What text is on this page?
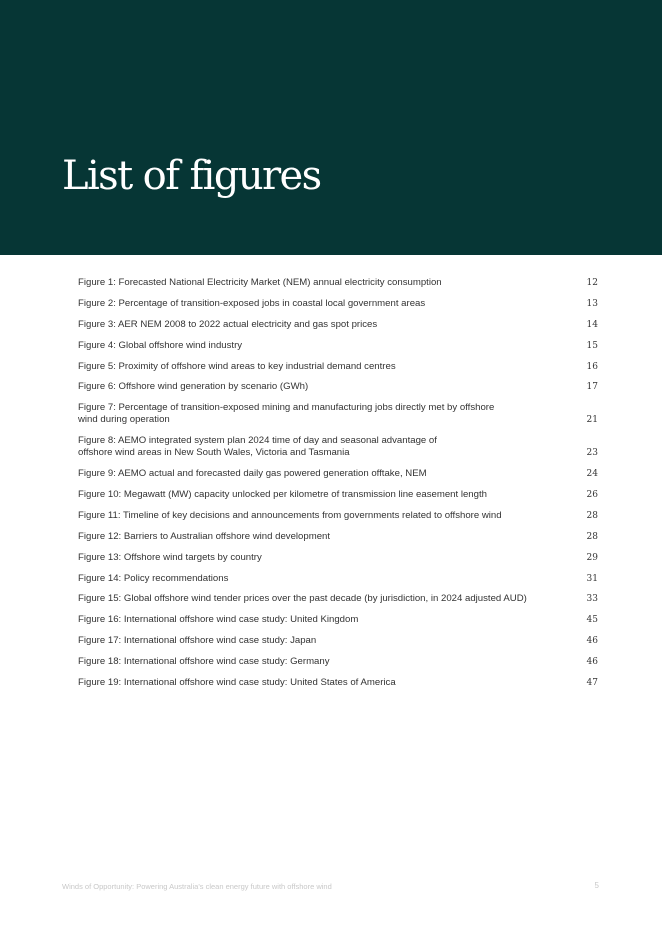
List of figures
Figure 1: Forecasted National Electricity Market (NEM) annual electricity consumption	12
Figure 2: Percentage of transition-exposed jobs in coastal local government areas	13
Figure 3: AER NEM 2008 to 2022 actual electricity and gas spot prices	14
Figure 4: Global offshore wind industry	15
Figure 5: Proximity of offshore wind areas to key industrial demand centres	16
Figure 6: Offshore wind generation by scenario (GWh)	17
Figure 7: Percentage of transition-exposed mining and manufacturing jobs directly met by offshore
wind during operation	21
Figure 8: AEMO integrated system plan 2024 time of day and seasonal advantage of
offshore wind areas in New South Wales, Victoria and Tasmania	23
Figure 9: AEMO actual and forecasted daily gas powered generation offtake, NEM	24
Figure 10: Megawatt (MW) capacity unlocked per kilometre of transmission line easement length	26
Figure 11: Timeline of key decisions and announcements from governments related to offshore wind	28
Figure 12: Barriers to Australian offshore wind development	28
Figure 13: Offshore wind targets by country	29
Figure 14: Policy recommendations	31
Figure 15: Global offshore wind tender prices over the past decade (by jurisdiction, in 2024 adjusted AUD)	33
Figure 16: International offshore wind case study: United Kingdom	45
Figure 17: International offshore wind case study: Japan	46
Figure 18: International offshore wind case study: Germany	46
Figure 19: International offshore wind case study: United States of America	47
Winds of Opportunity: Powering Australia's clean energy future with offshore wind	5
